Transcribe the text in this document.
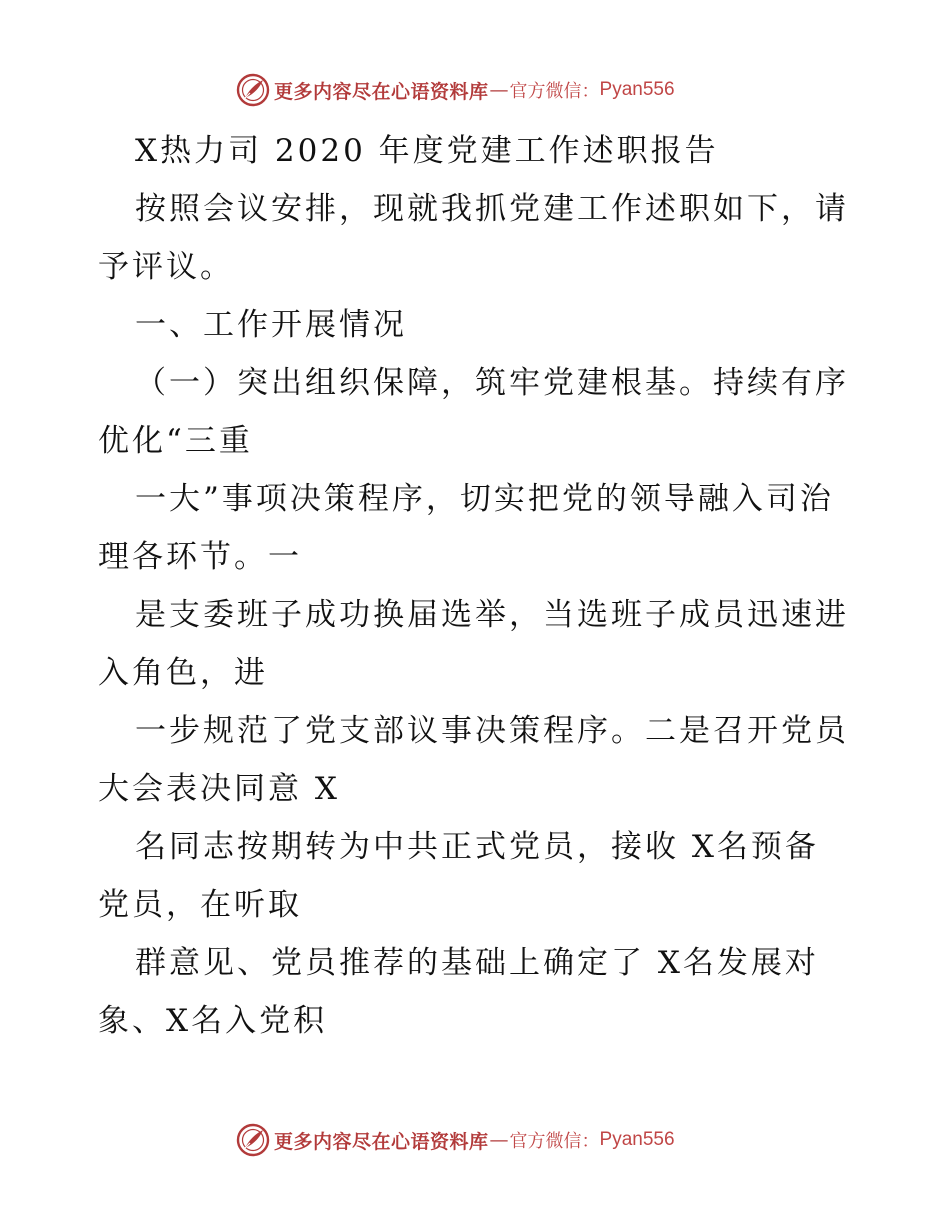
更多内容尽在心语资料库 — 官方微信： Pyan556
X热力司 2020 年度党建工作述职报告
按照会议安排，现就我抓党建工作述职如下，请
予评议。
一、工作开展情况
（一）突出组织保障，筑牢党建根基。持续有序
优化“三重
一大”事项决策程序，切实把党的领导融入司治
理各环节。一
是支委班子成功换届选举，当选班子成员迅速进
入角色，进
一步规范了党支部议事决策程序。二是召开党员
大会表决同意 X
名同志按期转为中共正式党员，接收 X名预备
党员，在听取
群意见、党员推荐的基础上确定了 X名发展对
象、X名入党积
更多内容尽在心语资料库 — 官方微信： Pyan556
